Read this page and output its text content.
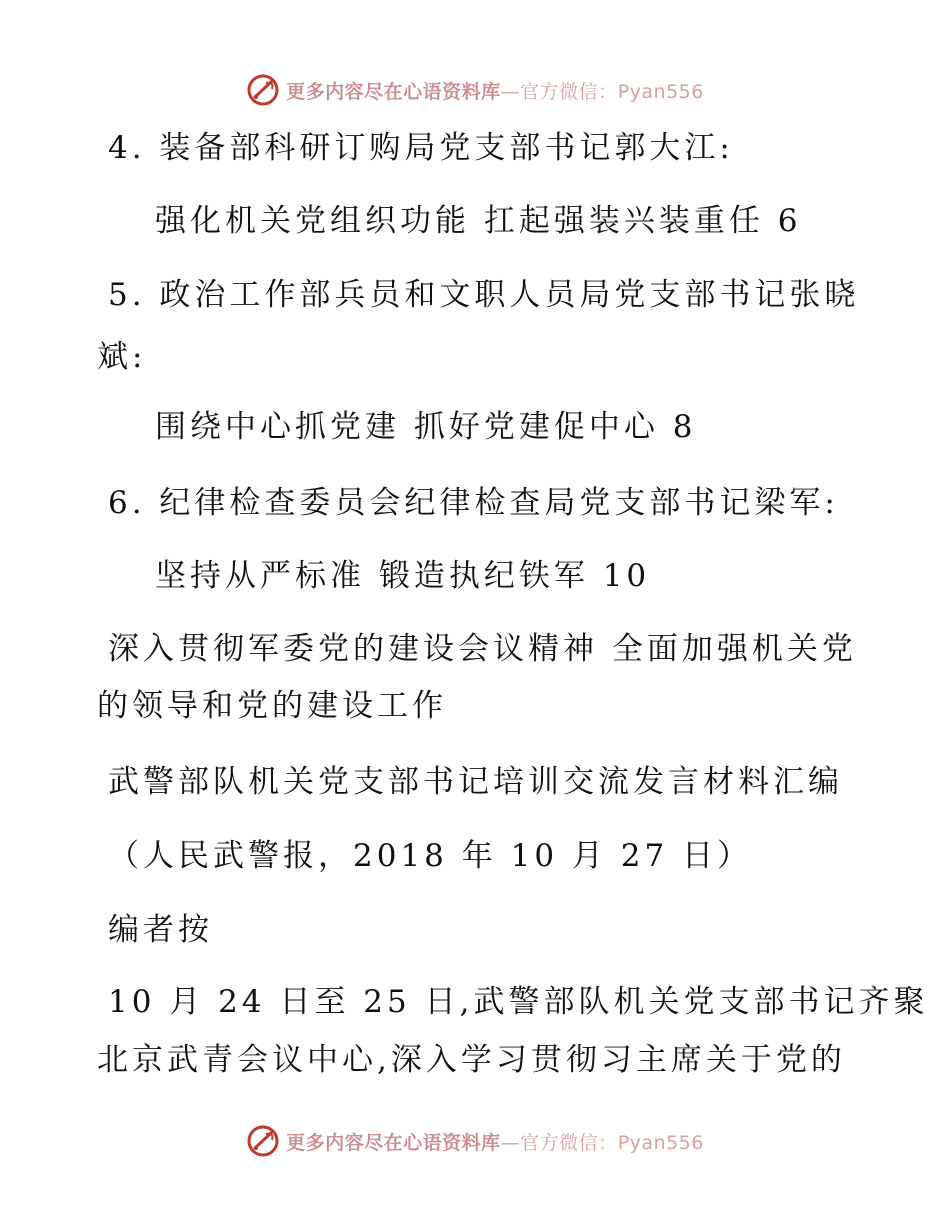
更多内容尽在心语资料库—官方微信：Pyan556
4. 装备部科研订购局党支部书记郭大江:
强化机关党组织功能 扛起强装兴装重任 6
5. 政治工作部兵员和文职人员局党支部书记张晓
斌:
围绕中心抓党建 抓好党建促中心 8
6. 纪律检查委员会纪律检查局党支部书记梁军:
坚持从严标准 锻造执纪铁军 10
深入贯彻军委党的建设会议精神 全面加强机关党
的领导和党的建设工作
武警部队机关党支部书记培训交流发言材料汇编
（人民武警报，2018 年 10 月 27 日）
编者按
10 月 24 日至 25 日,武警部队机关党支部书记齐聚
北京武青会议中心,深入学习贯彻习主席关于党的
更多内容尽在心语资料库—官方微信：Pyan556
